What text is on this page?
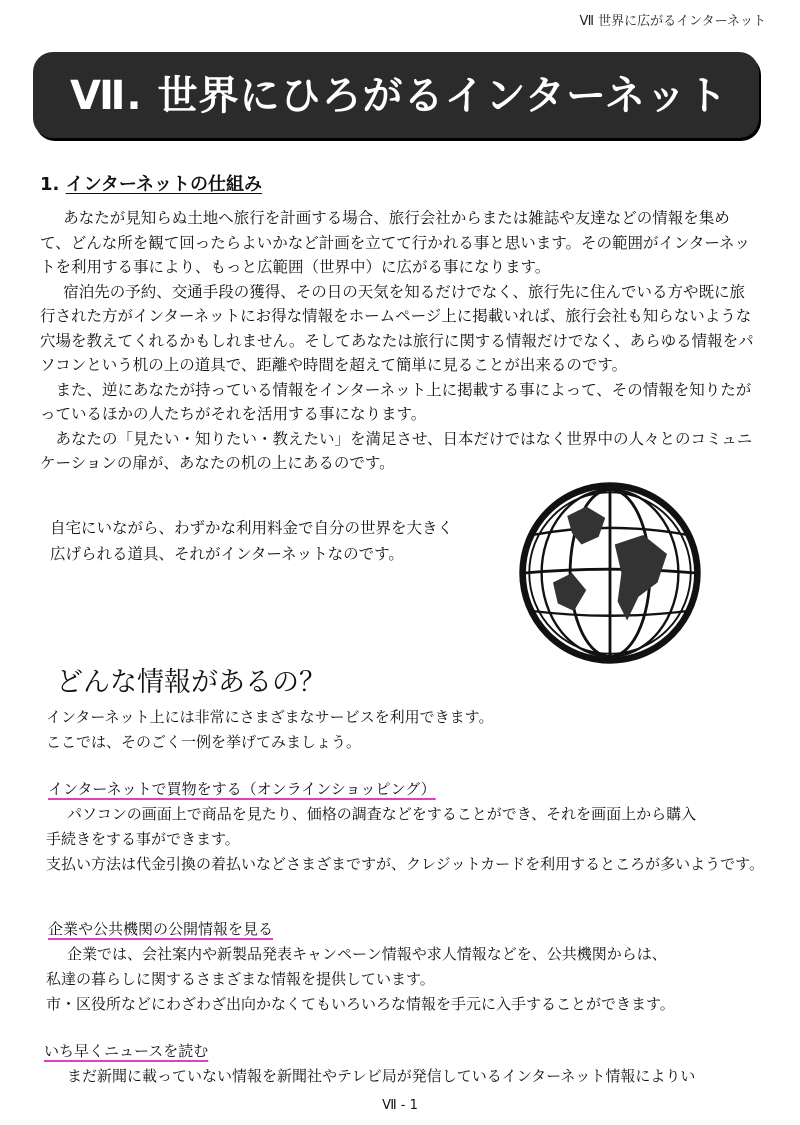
Ⅶ 世界に広がるインターネット
Ⅶ. 世界にひろがるインターネット
1. インターネットの仕組み

あなたが見知らぬ土地へ旅行を計画する場合、旅行会社からまたは雑誌や友達などの情報を集めて、どんな所を観て回ったらよいかなど計画を立てて行かれる事と思います。その範囲がインターネットを利用する事により、もっと広範囲（世界中）に広がる事になります。

宿泊先の予約、交通手段の獲得、その日の天気を知るだけでなく、旅行先に住んでいる方や既に旅行された方がインターネットにお得な情報をホームページ上に掲載いれば、旅行会社も知らないような穴場を教えてくれるかもしれません。そしてあなたは旅行に関する情報だけでなく、あらゆる情報をパソコンという机の上の道具で、距離や時間を超えて簡単に見ることが出来るのです。

また、逆にあなたが持っている情報をインターネット上に掲載する事によって、その情報を知りたがっているほかの人たちがそれを活用する事になります。

あなたの「見たい・知りたい・教えたい」を満足させ、日本だけではなく世界中の人々とのコミュニケーションの扉が、あなたの机の上にあるのです。

自宅にいながら、わずかな利用料金で自分の世界を大きく

広げられる道具、それがインターネットなのです。

どんな情報があるの？

インターネット上には非常にさまざまなサービスを利用できます。

ここでは、そのごく一例を挙げてみましょう。

インターネットで買物をする（オンラインショッピング）

パソコンの画面上で商品を見たり、価格の調査などをすることができ、それを画面上から購入

手続きをする事ができます。

支払い方法は代金引換の着払いなどさまざまですが、クレジットカードを利用するところが多いようです。

企業や公共機関の公開情報を見る

企業では、会社案内や新製品発表キャンペーン情報や求人情報などを、公共機関からは、

私達の暮らしに関するさまざまな情報を提供しています。

市・区役所などにわざわざ出向かなくてもいろいろな情報を手元に入手することができます。

いち早くニュースを読む

まだ新聞に載っていない情報を新聞社やテレビ局が発信しているインターネット情報によりい

Ⅶ - 1
